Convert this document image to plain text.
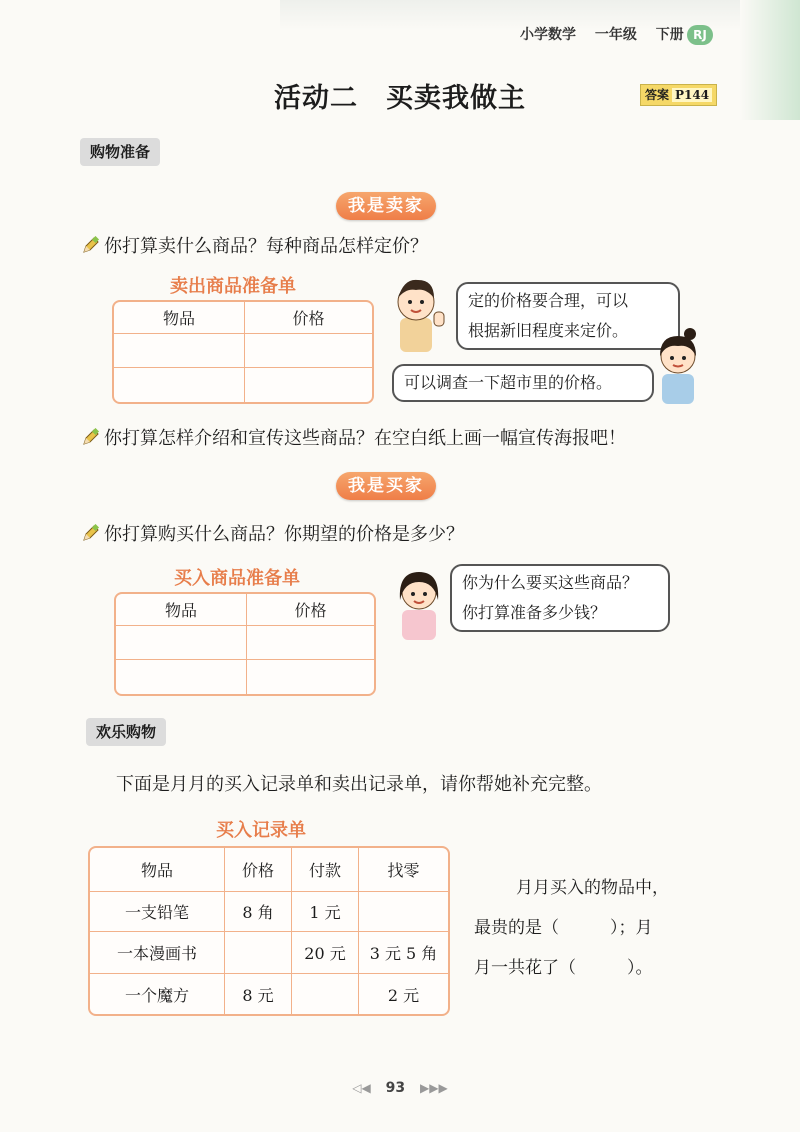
小学数学 一年级 下册 RJ
活动二　买卖我做主	答案 P144
购物准备
我是卖家
你打算卖什么商品？每种商品怎样定价？
卖出商品准备单
物品	价格

定的价格要合理，可以
根据新旧程度来定价。
可以调查一下超市里的价格。
你打算怎样介绍和宣传这些商品？在空白纸上画一幅宣传海报吧！
我是买家
你打算购买什么商品？你期望的价格是多少？
买入商品准备单
物品	价格

你为什么要买这些商品？
你打算准备多少钱？
欢乐购物
下面是月月的买入记录单和卖出记录单，请你帮她补充完整。
买入记录单
物品	价格	付款	找零
一支铅笔	8 角	1 元	
一本漫画书		20 元	3 元 5 角
一个魔方	8 元		2 元
月月买入的物品中，
最贵的是（　　　）；月
月一共花了（　　　）。
◁◀ 93 ▶▶▶
